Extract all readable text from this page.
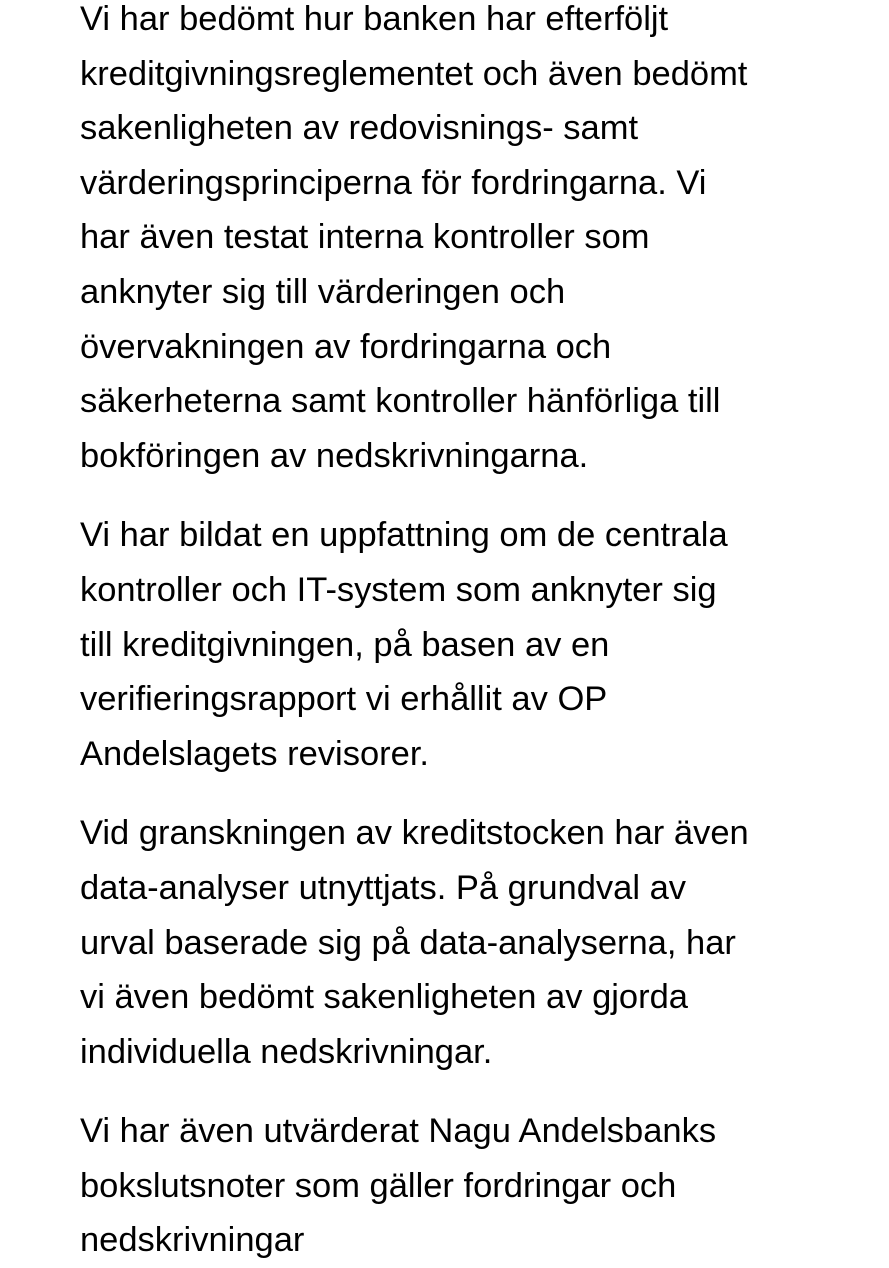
Vi har bedömt hur banken har efterföljt
kreditgivningsreglementet och även bedömt
sakenligheten av redovisnings- samt
värderingsprinciperna för fordringarna. Vi
har även testat interna kontroller som
anknyter sig till värderingen och
övervakningen av fordringarna och
säkerheterna samt kontroller hänförliga till
bokföringen av nedskrivningarna.

Vi har bildat en uppfattning om de centrala
kontroller och IT-system som anknyter sig
till kreditgivningen, på basen av en
verifieringsrapport vi erhållit av OP
Andelslagets revisorer.

Vid granskningen av kreditstocken har även
data-analyser utnyttjats. På grundval av
urval baserade sig på data-analyserna, har
vi även bedömt sakenligheten av gjorda
individuella nedskrivningar.

Vi har även utvärderat Nagu Andelsbanks
bokslutsnoter som gäller fordringar och
nedskrivningar
